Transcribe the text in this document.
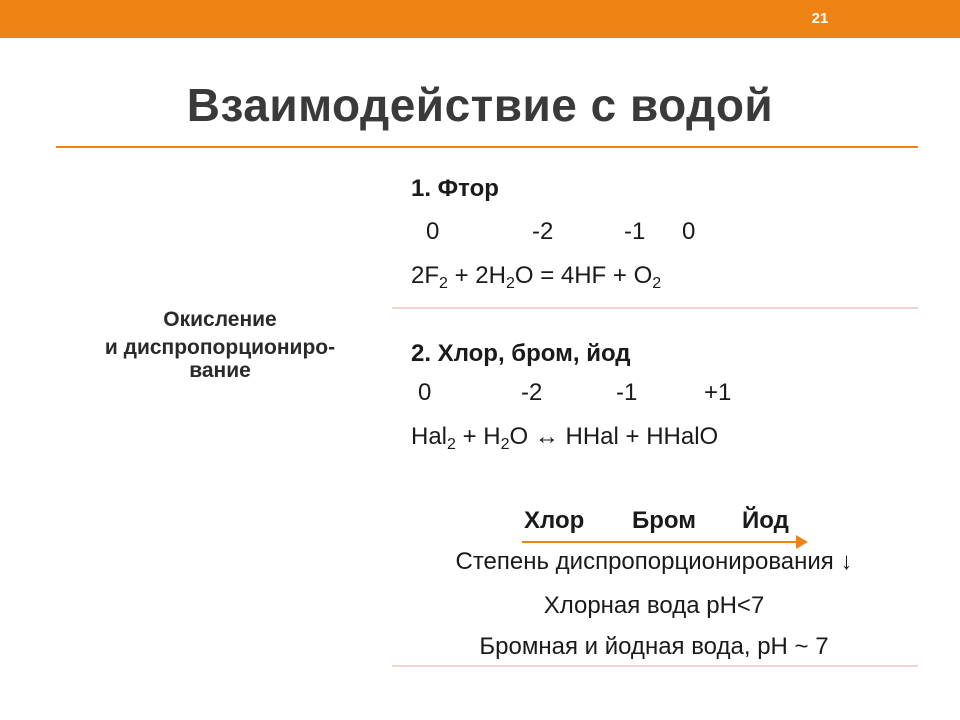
21
Взаимодействие с водой
Окисление
и диспропорциониро-
вание
1. Фтор
0	-2	-1 0
$2F_2 + 2H_2O = 4HF + O_2$
2. Хлор, бром, йод
0	-2	-1	+1
$Hal_2 + H_2O$ ↔ HHal + HHalO
Хлор Бром Йод
Степень диспропорционирования ↓
Хлорная вода pH<7
Бромная и йодная вода, pH ~ 7
